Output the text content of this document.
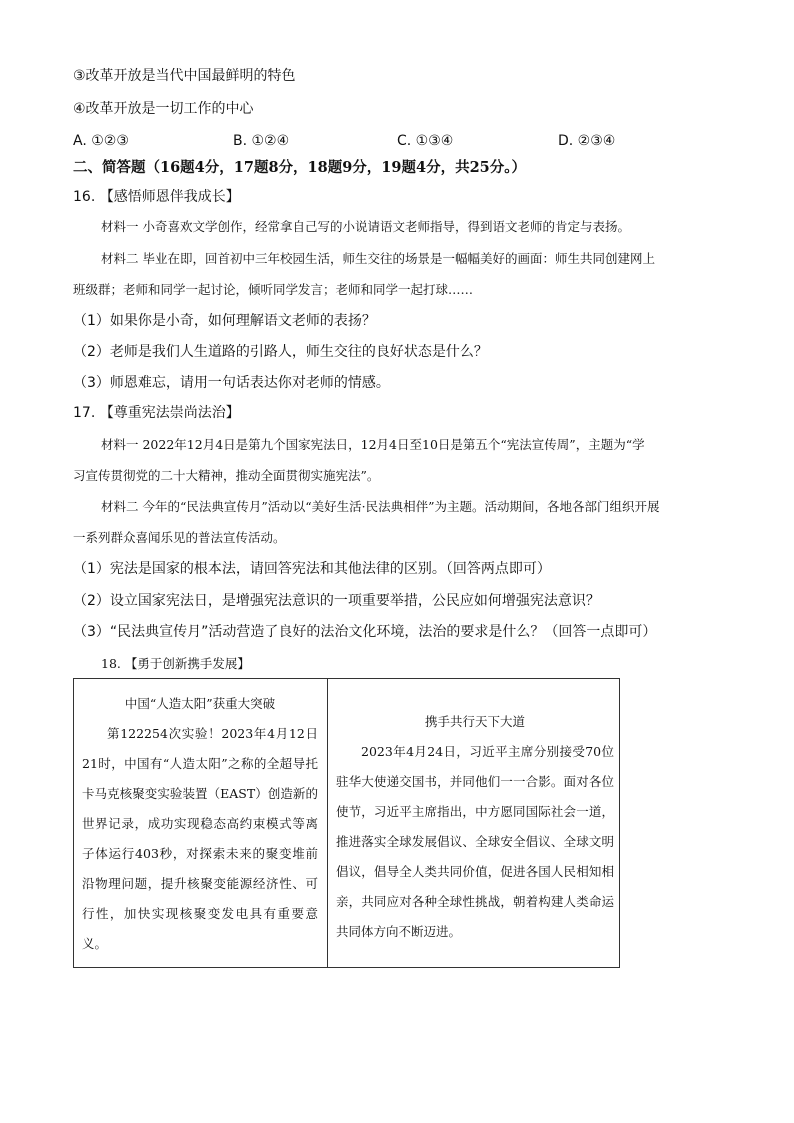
③改革开放是当代中国最鲜明的特色
④改革开放是一切工作的中心
A. ①②③	B. ①②④	C. ①③④	D. ②③④
二、简答题（16题4分，17题8分，18题9分，19题4分，共25分。）
16. 【感悟师恩伴我成长】
材料一 小奇喜欢文学创作，经常拿自己写的小说请语文老师指导，得到语文老师的肯定与表扬。
材料二 毕业在即，回首初中三年校园生活，师生交往的场景是一幅幅美好的画面：师生共同创建网上
班级群；老师和同学一起讨论，倾听同学发言；老师和同学一起打球……
（1）如果你是小奇，如何理解语文老师的表扬？
（2）老师是我们人生道路的引路人，师生交往的良好状态是什么？
（3）师恩难忘，请用一句话表达你对老师的情感。
17. 【尊重宪法崇尚法治】
材料一 2022年12月4日是第九个国家宪法日，12月4日至10日是第五个“宪法宣传周”，主题为“学
习宣传贯彻党的二十大精神，推动全面贯彻实施宪法”。
材料二 今年的“民法典宣传月”活动以“美好生活·民法典相伴”为主题。活动期间，各地各部门组织开展
一系列群众喜闻乐见的普法宣传活动。
（1）宪法是国家的根本法，请回答宪法和其他法律的区别。（回答两点即可）
（2）设立国家宪法日，是增强宪法意识的一项重要举措，公民应如何增强宪法意识？
（3）“民法典宣传月”活动营造了良好的法治文化环境，法治的要求是什么？（回答一点即可）
18. 【勇于创新携手发展】
中国“人造太阳”获重大突破
第122254次实验！2023年4月12日21时，中国有“人造太阳”之称的全超导托卡马克核聚变实验装置（EAST）创造新的世界记录，成功实现稳态高约束模式等离子体运行403秒，对探索未来的聚变堆前沿物理问题，提升核聚变能源经济性、可行性，加快实现核聚变发电具有重要意义。
携手共行天下大道
2023年4月24日，习近平主席分别接受70位驻华大使递交国书，并同他们一一合影。面对各位使节，习近平主席指出，中方愿同国际社会一道，推进落实全球发展倡议、全球安全倡议、全球文明倡议，倡导全人类共同价值，促进各国人民相知相亲，共同应对各种全球性挑战，朝着构建人类命运共同体方向不断迈进。
